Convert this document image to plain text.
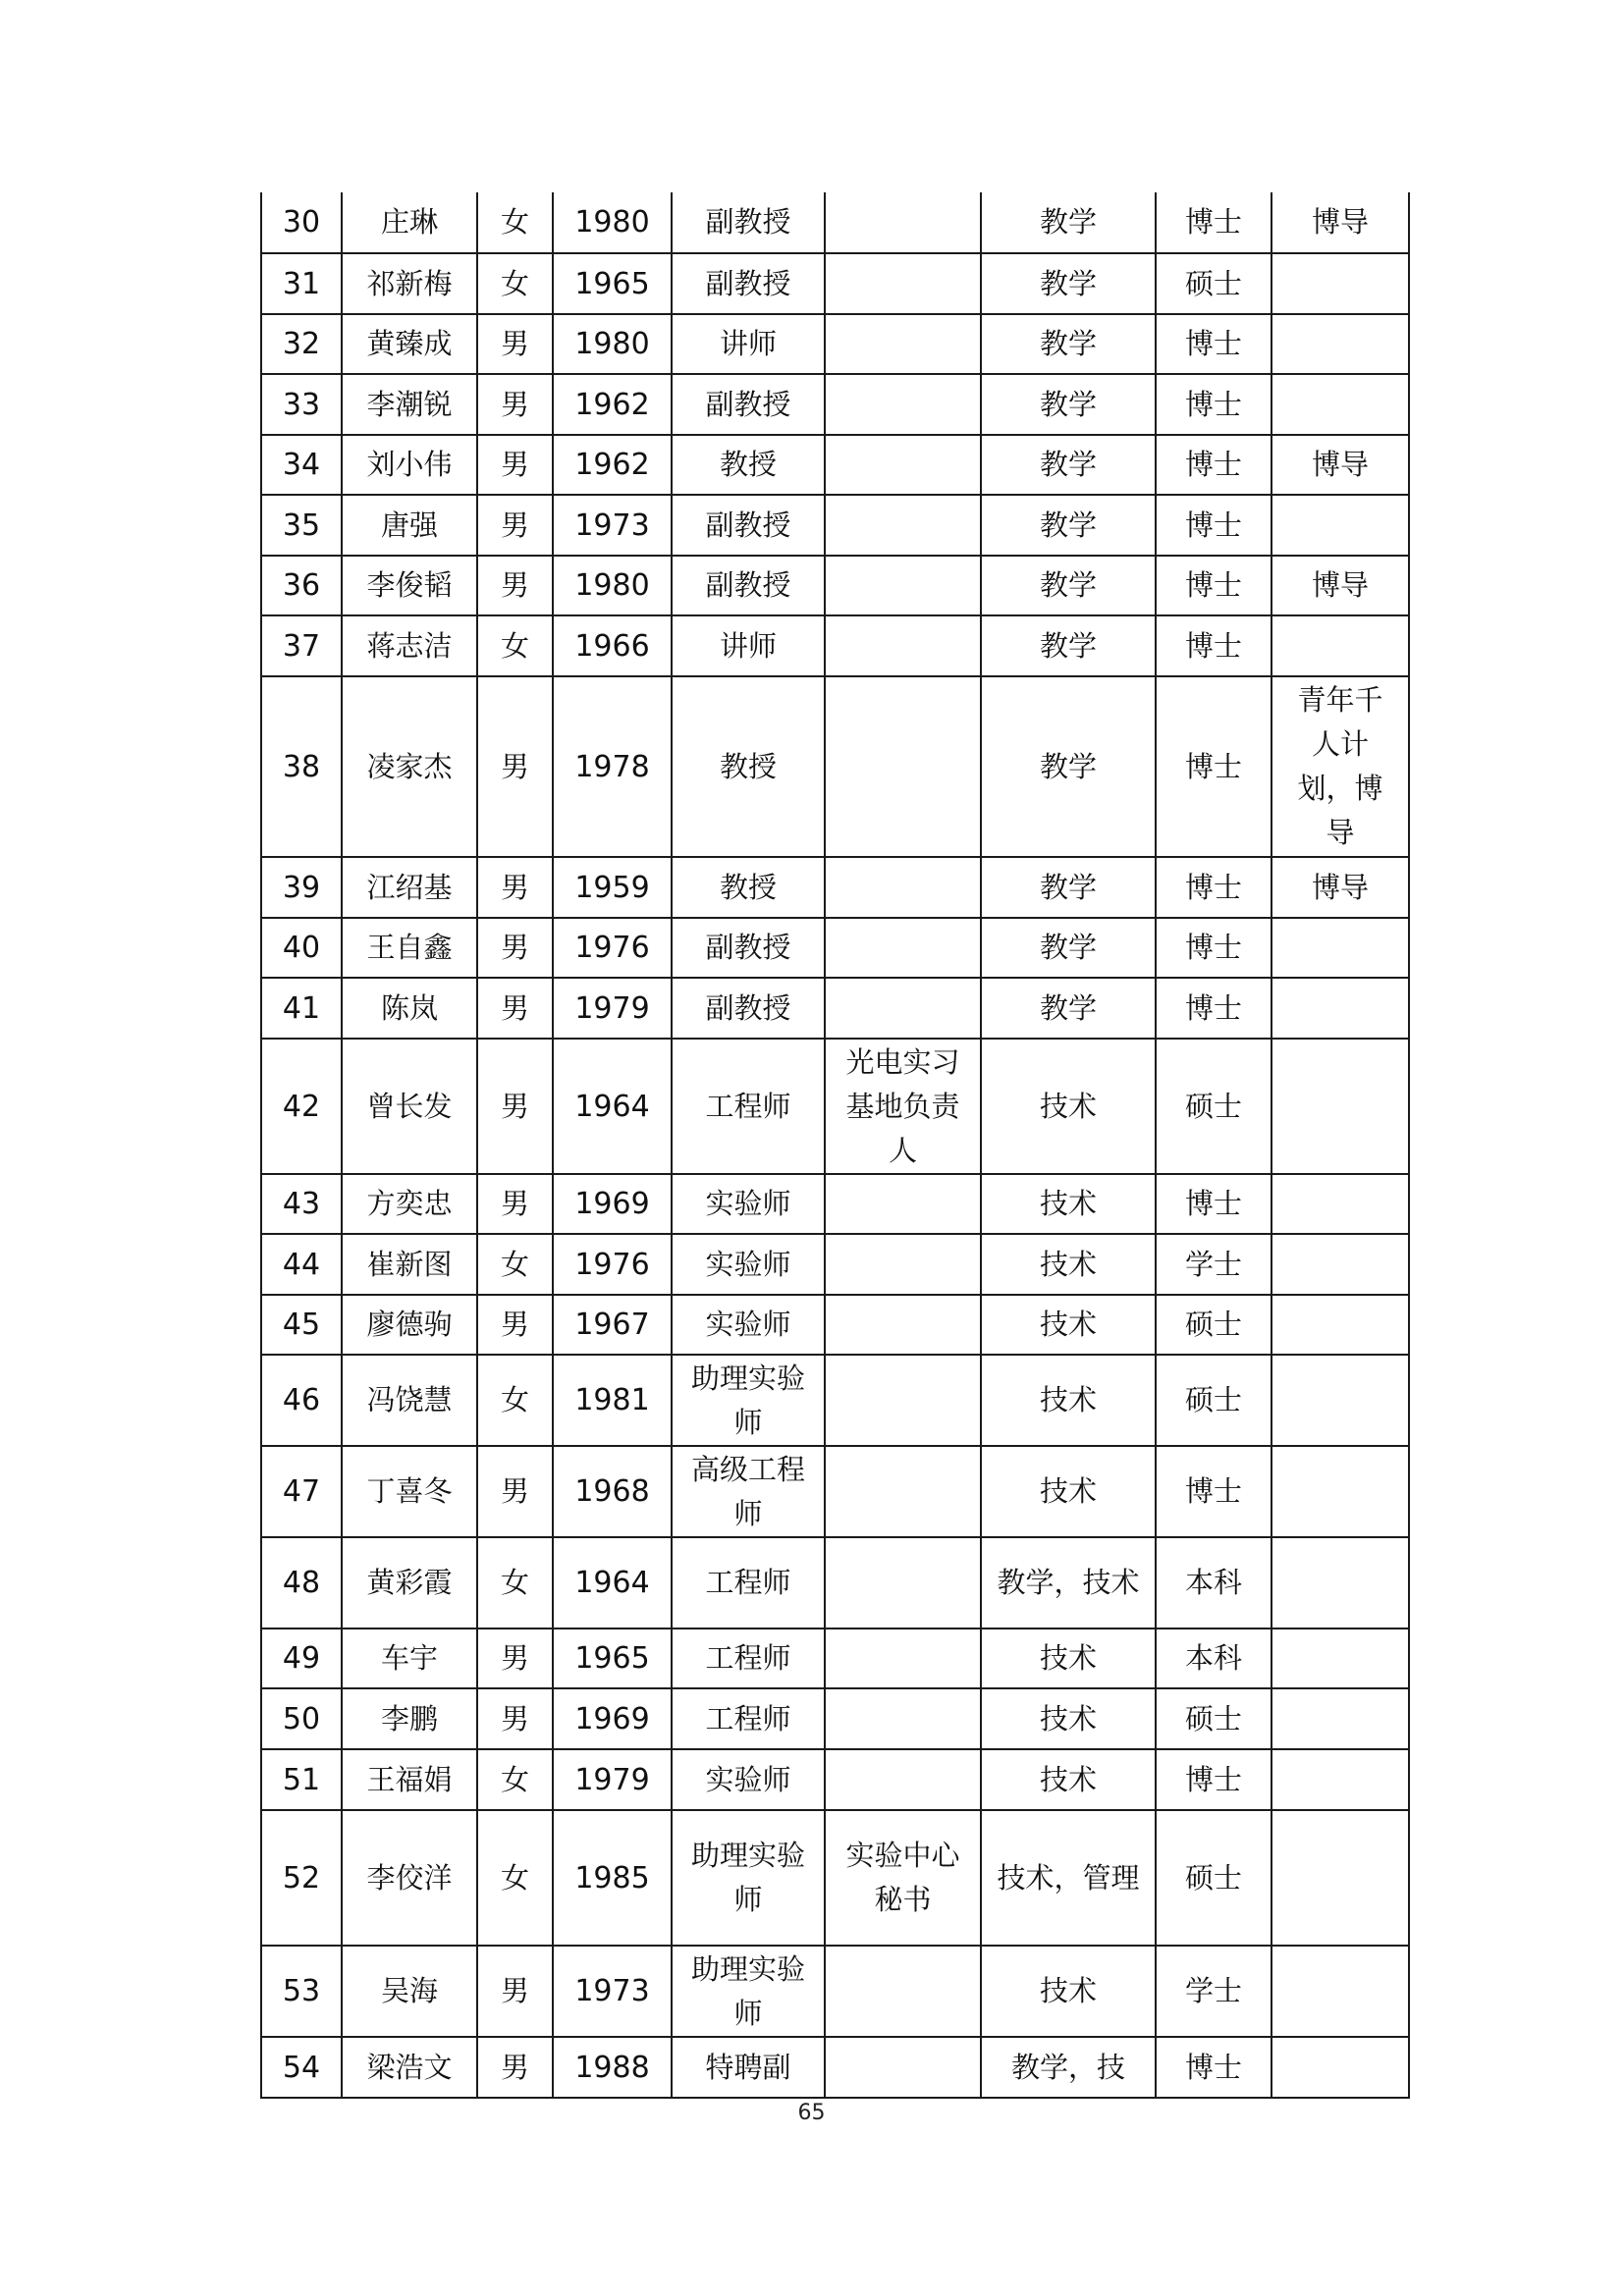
30	庄琳	女	1980	副教授		教学	博士	博导
31	祁新梅	女	1965	副教授		教学	硕士	
32	黄臻成	男	1980	讲师		教学	博士	
33	李潮锐	男	1962	副教授		教学	博士	
34	刘小伟	男	1962	教授		教学	博士	博导
35	唐强	男	1973	副教授		教学	博士	
36	李俊韬	男	1980	副教授		教学	博士	博导
37	蒋志洁	女	1966	讲师		教学	博士	
38	凌家杰	男	1978	教授		教学	博士	青年千人计划，博导
39	江绍基	男	1959	教授		教学	博士	博导
40	王自鑫	男	1976	副教授		教学	博士	
41	陈岚	男	1979	副教授		教学	博士	
42	曾长发	男	1964	工程师	光电实习基地负责人	技术	硕士	
43	方奕忠	男	1969	实验师		技术	博士	
44	崔新图	女	1976	实验师		技术	学士	
45	廖德驹	男	1967	实验师		技术	硕士	
46	冯饶慧	女	1981	助理实验师		技术	硕士	
47	丁喜冬	男	1968	高级工程师		技术	博士	
48	黄彩霞	女	1964	工程师		教学，技术	本科	
49	车宇	男	1965	工程师		技术	本科	
50	李鹏	男	1969	工程师		技术	硕士	
51	王福娟	女	1979	实验师		技术	博士	
52	李佼洋	女	1985	助理实验师	实验中心秘书	技术，管理	硕士	
53	吴海	男	1973	助理实验师		技术	学士	
54	梁浩文	男	1988	特聘副		教学，技	博士	
65
